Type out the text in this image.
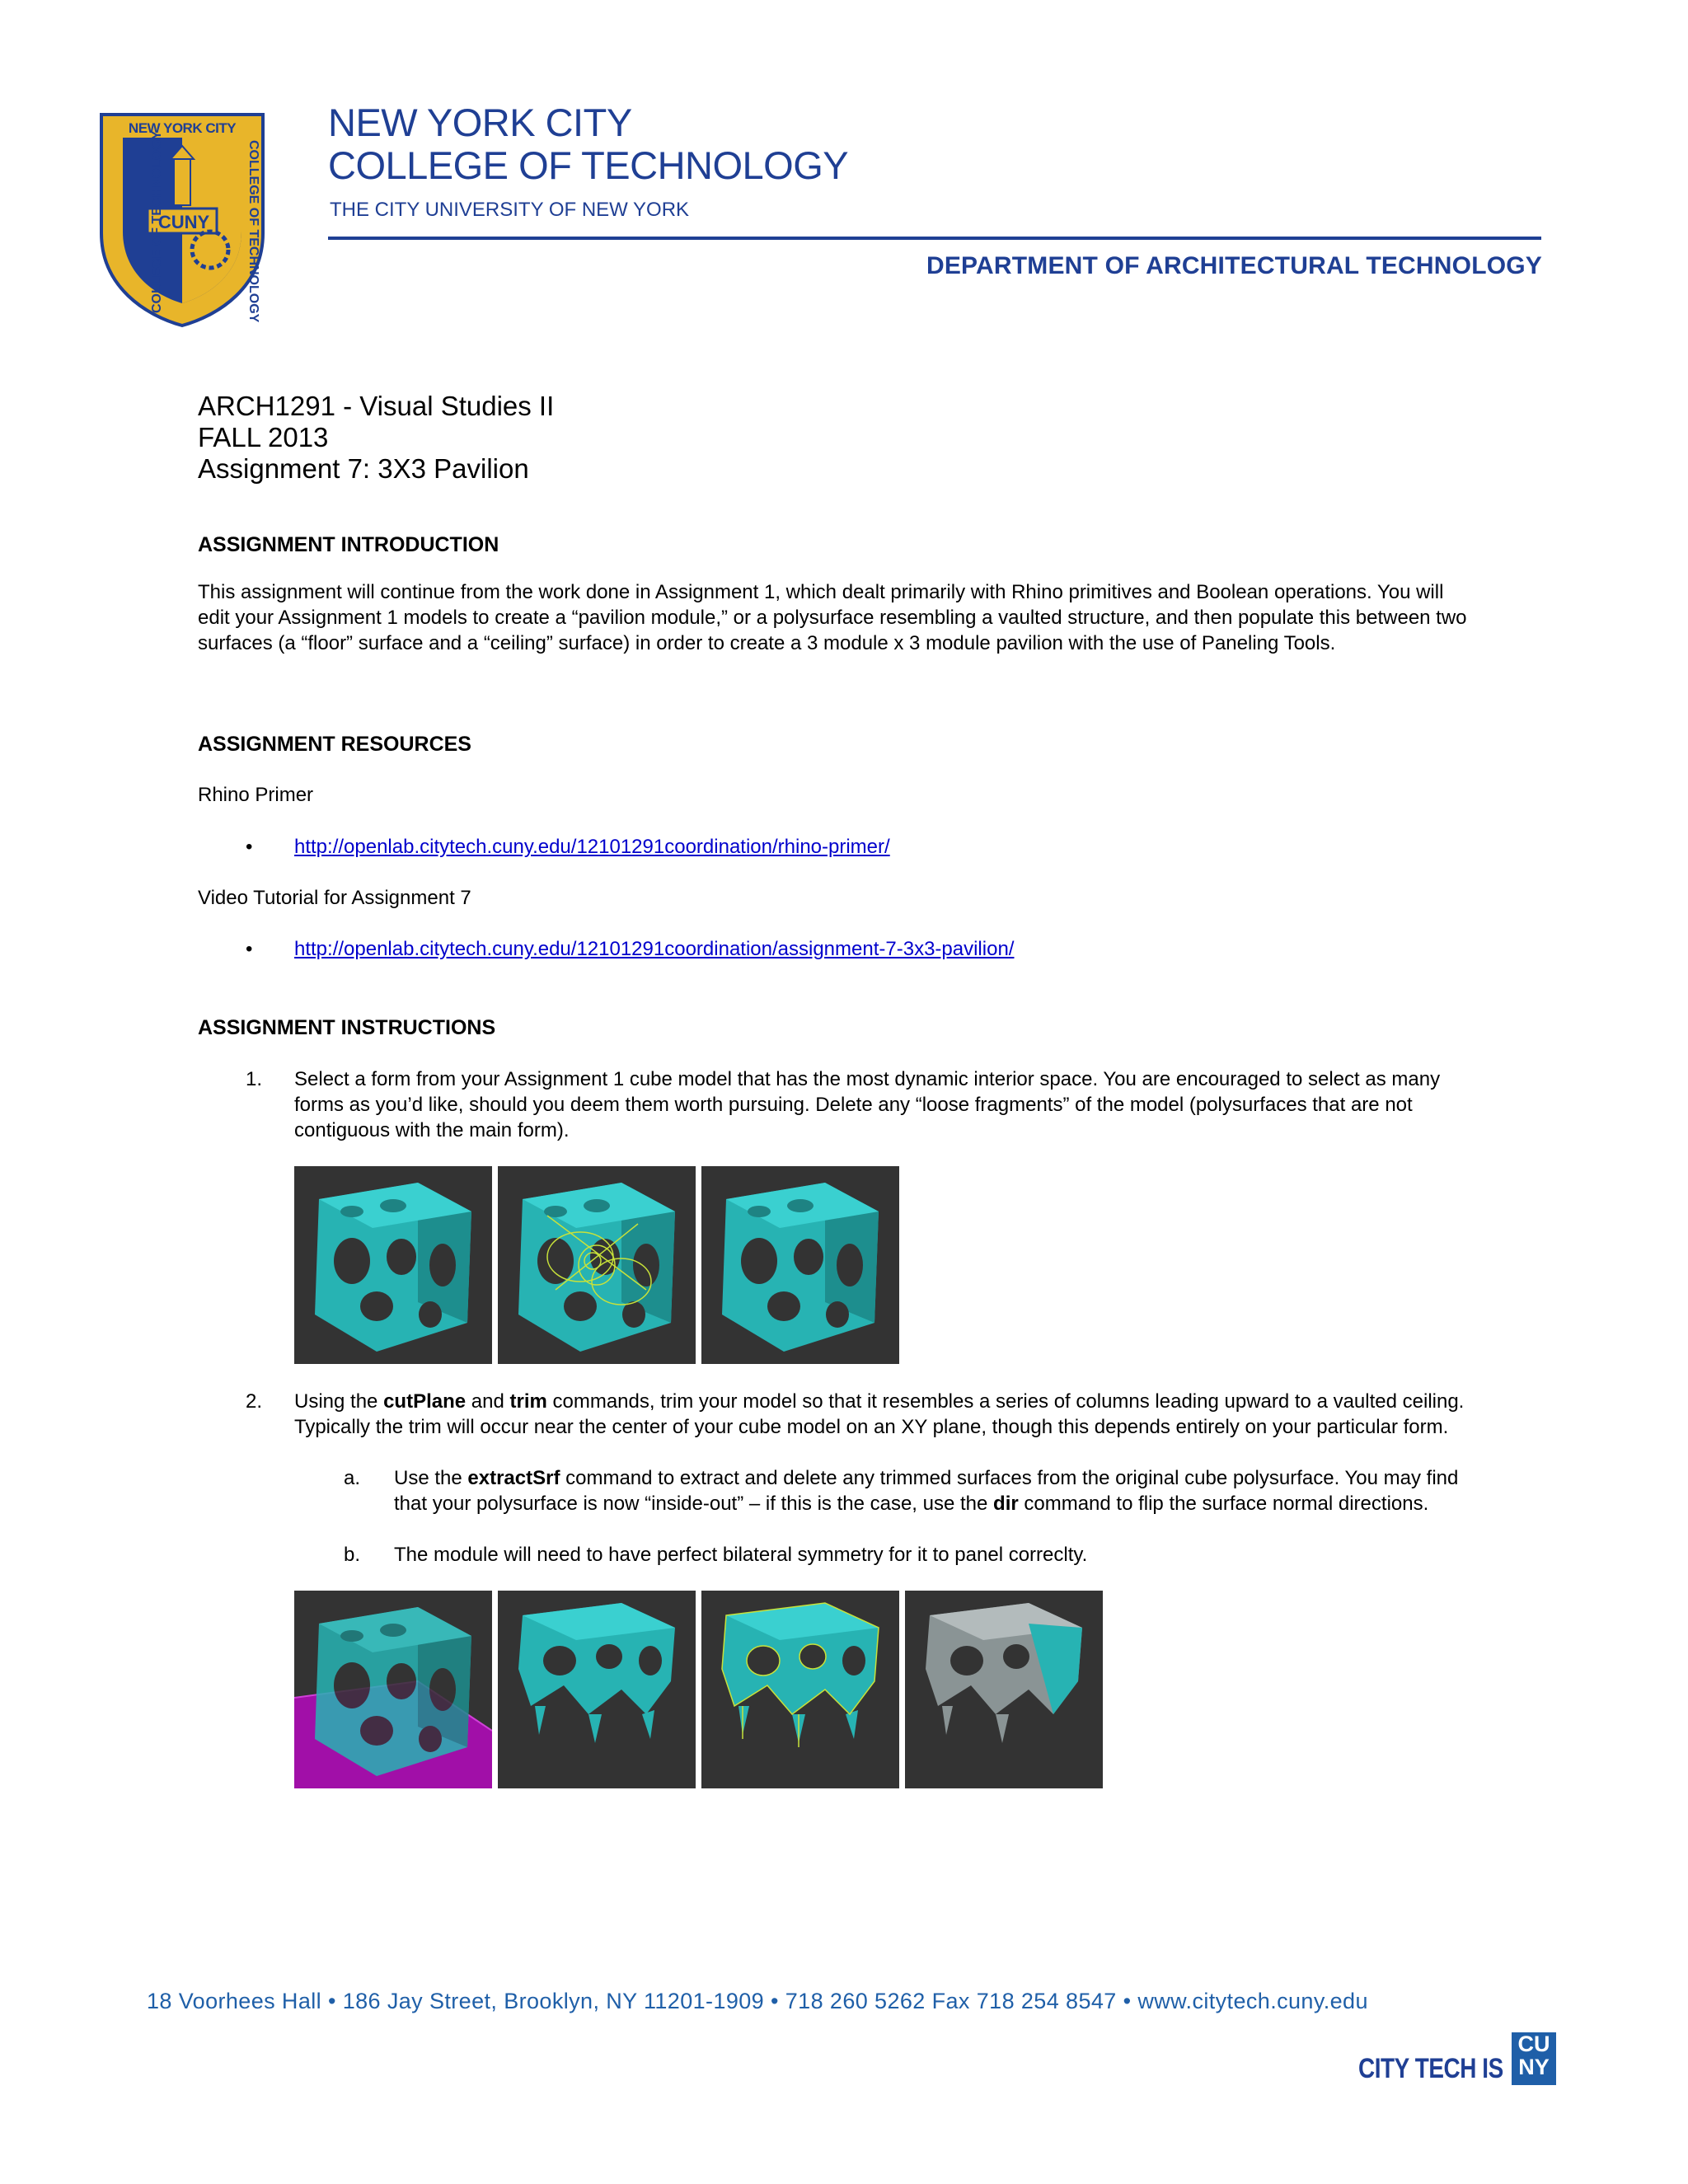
NEW YORK CITY
COLLEGE OF TECHNOLOGY	COLLEGE OF TECHNOLOGY
CUNY
NEW YORK CITY
COLLEGE OF TECHNOLOGY
THE CITY UNIVERSITY OF NEW YORK
DEPARTMENT OF ARCHITECTURAL TECHNOLOGY
ARCH1291 - Visual Studies II
FALL 2013
Assignment 7: 3X3 Pavilion
ASSIGNMENT INTRODUCTION
This assignment will continue from the work done in Assignment 1, which dealt primarily with Rhino primitives and Boolean operations. You will edit your Assignment 1 models to create a “pavilion module,” or a polysurface resembling a vaulted structure, and then populate this between two surfaces (a “floor” surface and a “ceiling” surface) in order to create a 3 module x 3 module pavilion with the use of Paneling Tools.
ASSIGNMENT RESOURCES
Rhino Primer
• http://openlab.citytech.cuny.edu/12101291coordination/rhino-primer/
Video Tutorial for Assignment 7
• http://openlab.citytech.cuny.edu/12101291coordination/assignment-7-3x3-pavilion/
ASSIGNMENT INSTRUCTIONS
1. Select a form from your Assignment 1 cube model that has the most dynamic interior space. You are encouraged to select as many forms as you’d like, should you deem them worth pursuing. Delete any “loose fragments” of the model (polysurfaces that are not contiguous with the main form).
2. Using the cutPlane and trim commands, trim your model so that it resembles a series of columns leading upward to a vaulted ceiling. Typically the trim will occur near the center of your cube model on an XY plane, though this depends entirely on your particular form.
a. Use the extractSrf command to extract and delete any trimmed surfaces from the original cube polysurface. You may find that your polysurface is now “inside-out” – if this is the case, use the dir command to flip the surface normal directions.
b. The module will need to have perfect bilateral symmetry for it to panel correclty.
18 Voorhees Hall • 186 Jay Street, Brooklyn, NY 11201-1909 • 718 260 5262 Fax 718 254 8547 • www.citytech.cuny.edu
CITY TECH IS
CU
NY
